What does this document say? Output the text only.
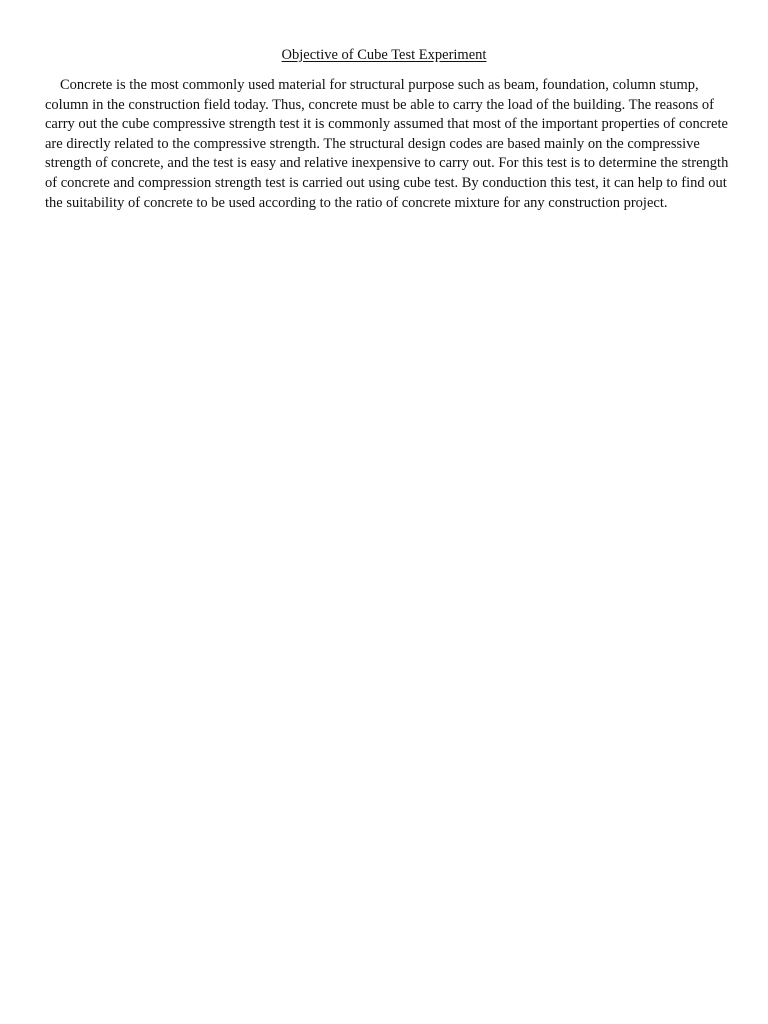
Objective of Cube Test Experiment

Concrete is the most commonly used material for structural purpose such as beam, foundation, column stump, column in the construction field today. Thus, concrete must be able to carry the load of the building. The reasons of carry out the cube compressive strength test it is commonly assumed that most of the important properties of concrete are directly related to the compressive strength. The structural design codes are based mainly on the compressive strength of concrete, and the test is easy and relative inexpensive to carry out. For this test is to determine the strength of concrete and compression strength test is carried out using cube test. By conduction this test, it can help to find out the suitability of concrete to be used according to the ratio of concrete mixture for any construction project.
